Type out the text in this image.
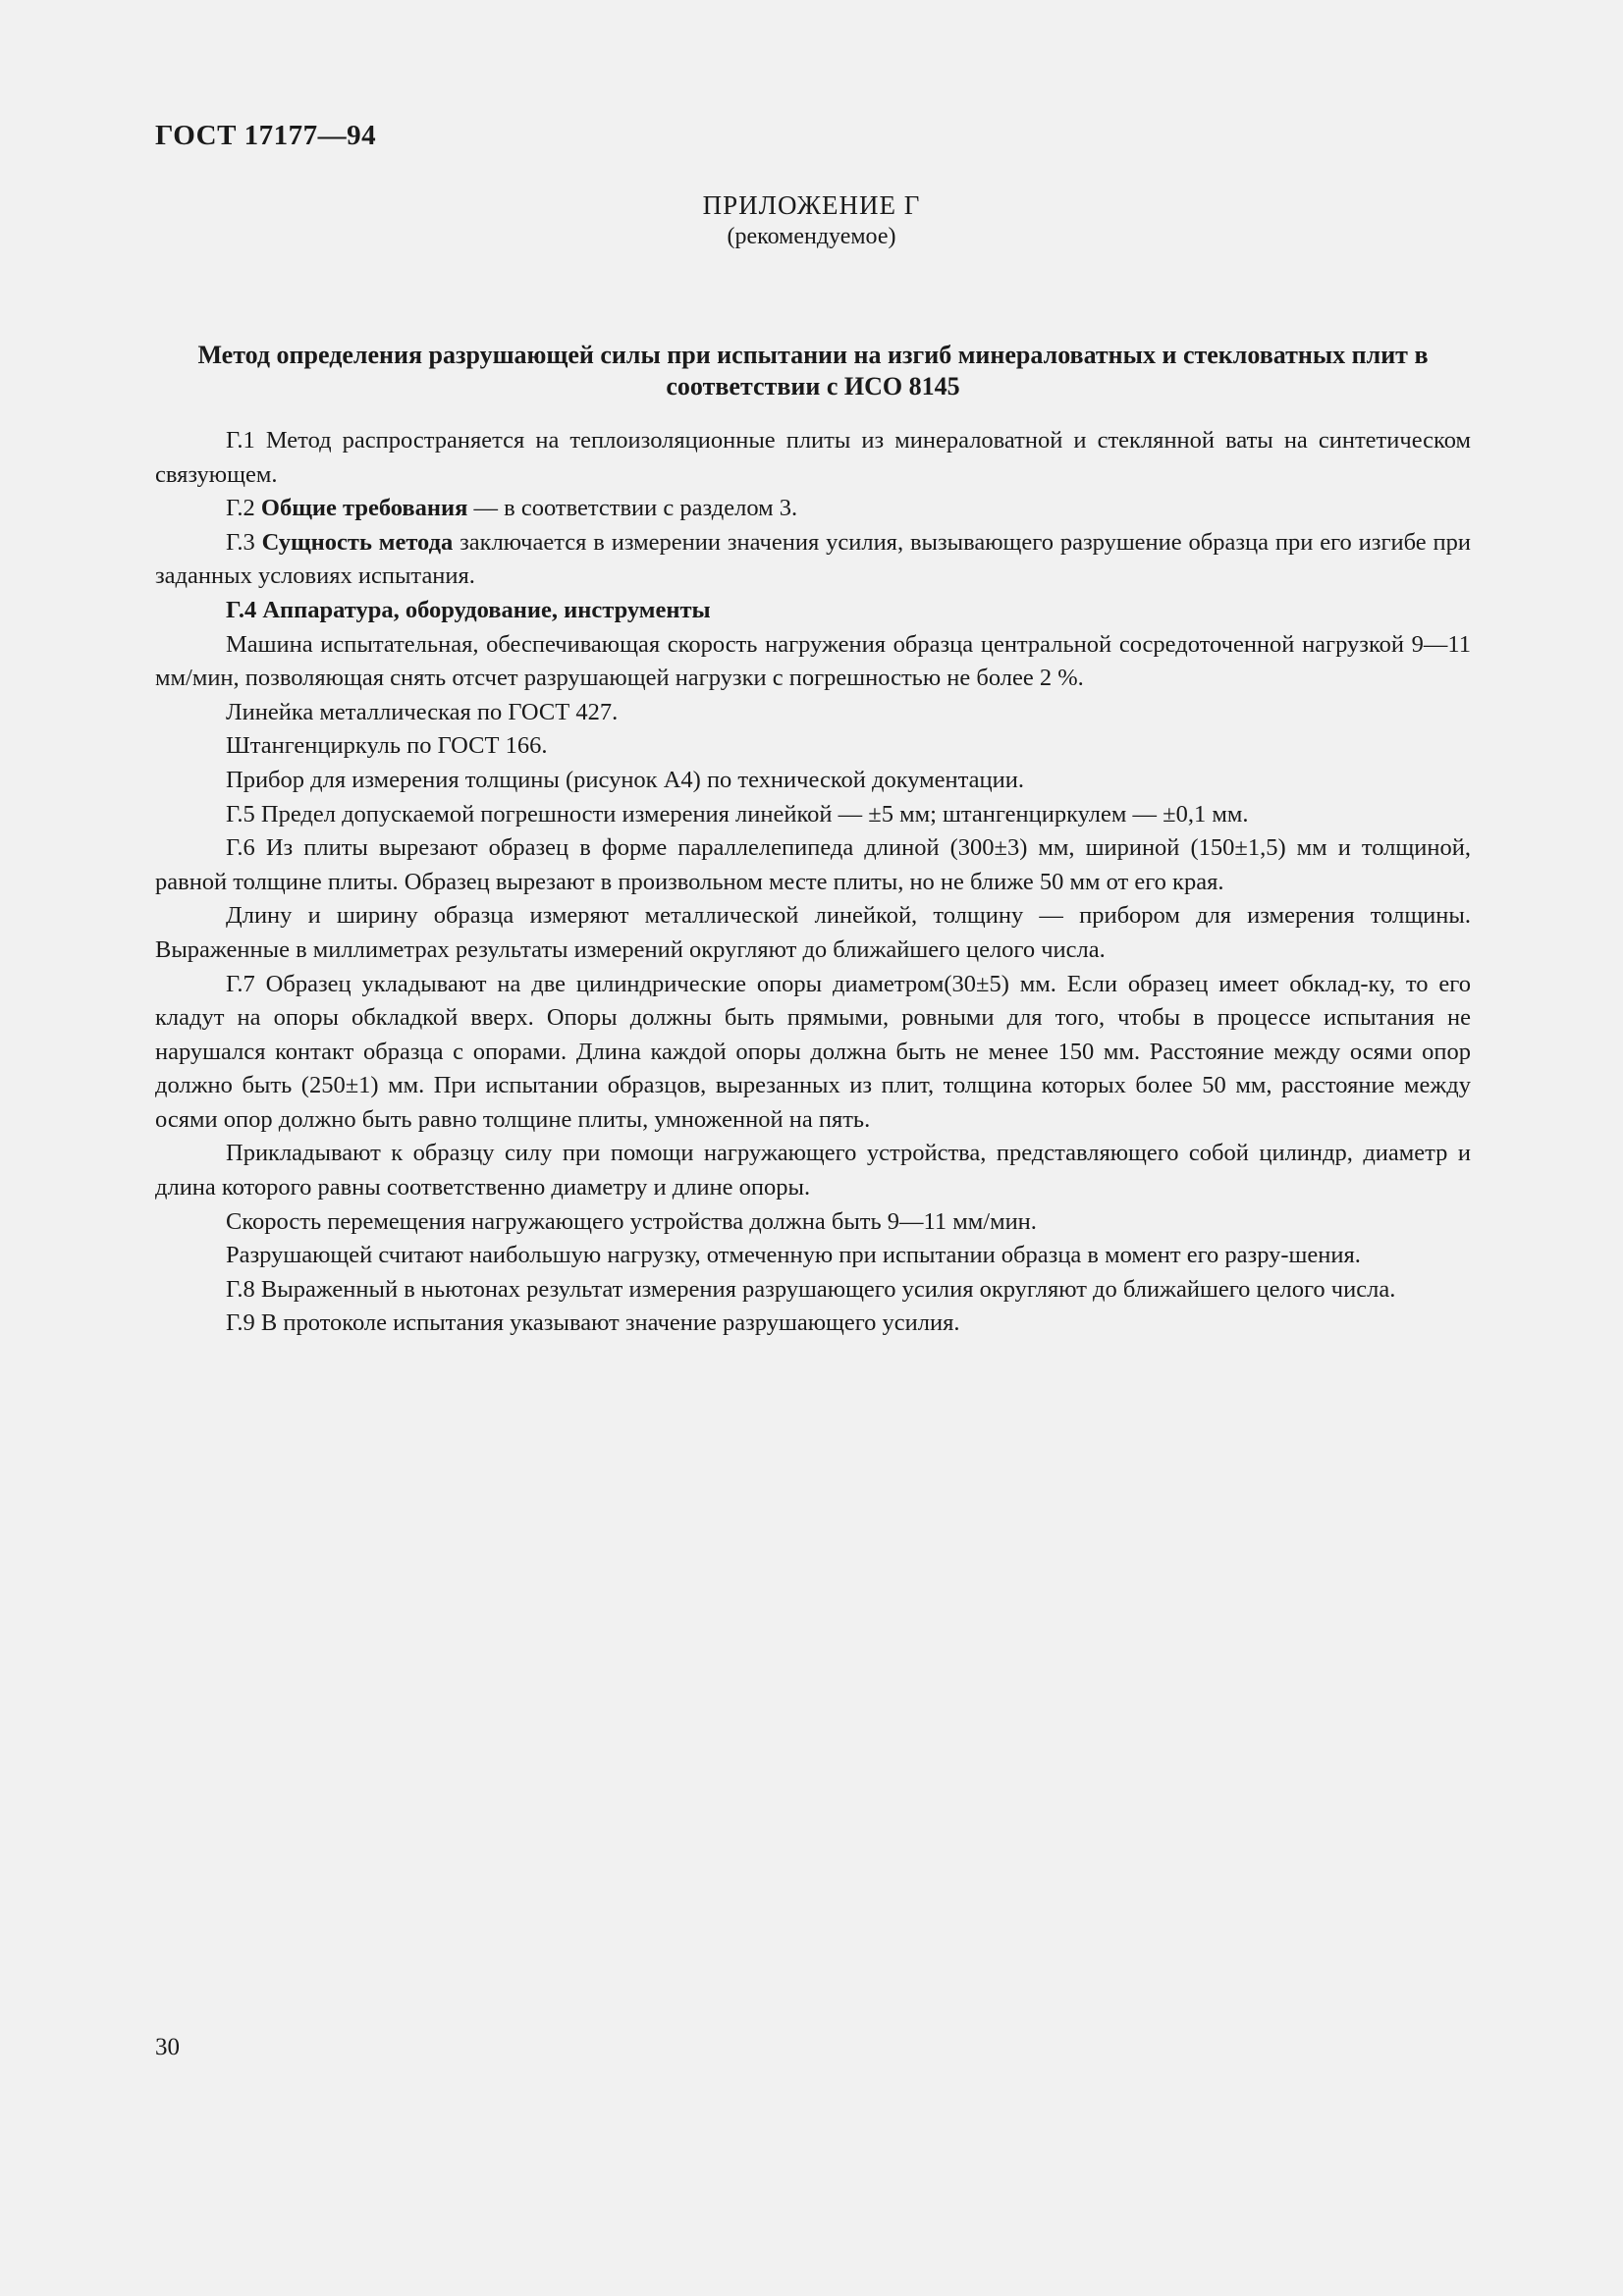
ГОСТ 17177—94
ПРИЛОЖЕНИЕ Г
(рекомендуемое)
Метод определения разрушающей силы при испытании на изгиб минераловатных и стекловатных плит в соответствии с ИСО 8145

Г.1 Метод распространяется на теплоизоляционные плиты из минераловатной и стеклянной ваты на синтетическом связующем.

Г.2 Общие требования — в соответствии с разделом 3.

Г.3 Сущность метода заключается в измерении значения усилия, вызывающего разрушение образца при его изгибе при заданных условиях испытания.

Г.4 Аппаратура, оборудование, инструменты

Машина испытательная, обеспечивающая скорость нагружения образца центральной сосредоточенной нагрузкой 9—11 мм/мин, позволяющая снять отсчет разрушающей нагрузки с погрешностью не более 2 %.

Линейка металлическая по ГОСТ 427.

Штангенциркуль по ГОСТ 166.

Прибор для измерения толщины (рисунок А4) по технической документации.

Г.5 Предел допускаемой погрешности измерения линейкой — ±5 мм; штангенциркулем — ±0,1 мм.

Г.6 Из плиты вырезают образец в форме параллелепипеда длиной (300±3) мм, шириной (150±1,5) мм и толщиной, равной толщине плиты. Образец вырезают в произвольном месте плиты, но не ближе 50 мм от его края.

Длину и ширину образца измеряют металлической линейкой, толщину — прибором для измерения толщины. Выраженные в миллиметрах результаты измерений округляют до ближайшего целого числа.

Г.7 Образец укладывают на две цилиндрические опоры диаметром(30±5) мм. Если образец имеет обклад-ку, то его кладут на опоры обкладкой вверх. Опоры должны быть прямыми, ровными для того, чтобы в процессе испытания не нарушался контакт образца с опорами. Длина каждой опоры должна быть не менее 150 мм. Расстояние между осями опор должно быть (250±1) мм. При испытании образцов, вырезанных из плит, толщина которых более 50 мм, расстояние между осями опор должно быть равно толщине плиты, умноженной на пять.

Прикладывают к образцу силу при помощи нагружающего устройства, представляющего собой цилиндр, диаметр и длина которого равны соответственно диаметру и длине опоры.

Скорость перемещения нагружающего устройства должна быть 9—11 мм/мин.

Разрушающей считают наибольшую нагрузку, отмеченную при испытании образца в момент его разру-шения.

Г.8 Выраженный в ньютонах результат измерения разрушающего усилия округляют до ближайшего целого числа.

Г.9 В протоколе испытания указывают значение разрушающего усилия.

30
